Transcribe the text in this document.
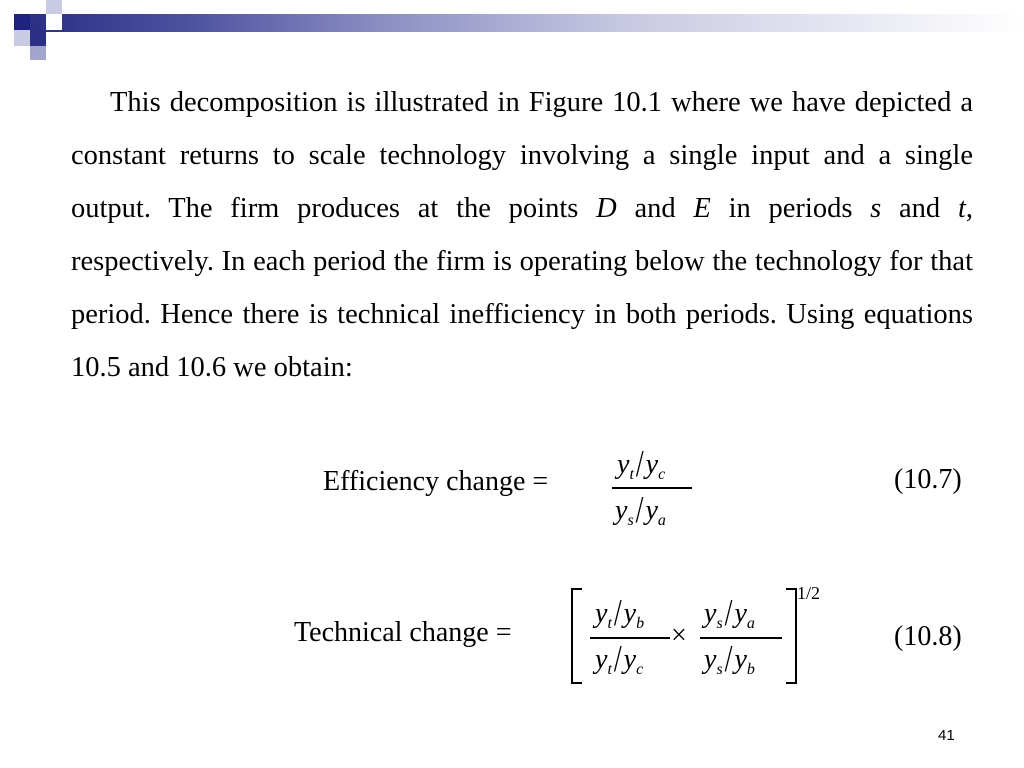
This decomposition is illustrated in Figure 10.1 where we have depicted a constant returns to scale technology involving a single input and a single output. The firm produces at the points D and E in periods s and t, respectively. In each period the firm is operating below the technology for that period. Hence there is technical inefficiency in both periods. Using equations 10.5 and 10.6 we obtain:

Efficiency change =
$y_t/y_c$
$y_s/y_a$
(10.7)
Technical change =
$y_t/y_b$
$y_t/y_c$
×
$y_s/y_a$
$y_s/y_b$
1/2
(10.8)
41
